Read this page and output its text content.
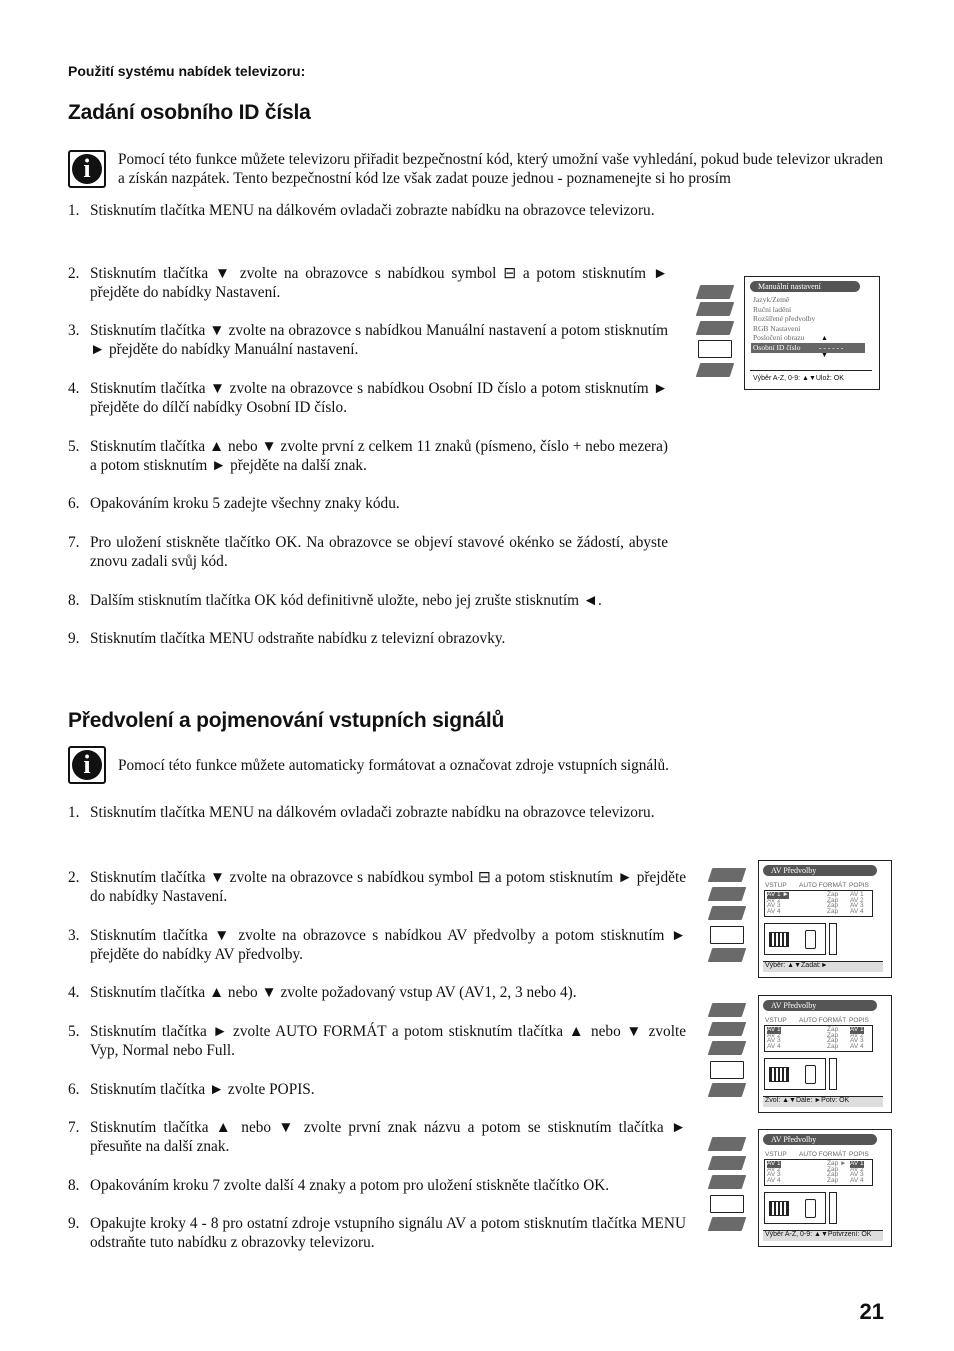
Použití systému nabídek televizoru:
Zadání osobního ID čísla
i	Pomocí této funkce můžete televizoru přiřadit bezpečnostní kód, který umožní vaše vyhledání, pokud bude televizor ukraden a získán nazpátek. Tento bezpečnostní kód lze však zadat pouze jednou - poznamenejte si ho prosím
1. Stisknutím tlačítka MENU na dálkovém ovladači zobrazte nabídku na obrazovce televizoru.
2. Stisknutím tlačítka ▼ zvolte na obrazovce s nabídkou symbol ⊟ a potom stisknutím ► přejděte do nabídky Nastavení.
3. Stisknutím tlačítka ▼ zvolte na obrazovce s nabídkou Manuální nastavení a potom stisknutím ► přejděte do nabídky Manuální nastavení.
4. Stisknutím tlačítka ▼ zvolte na obrazovce s nabídkou Osobní ID číslo a potom stisknutím ► přejděte do dílčí nabídky Osobní ID číslo.
5. Stisknutím tlačítka ▲ nebo ▼ zvolte první z celkem 11 znaků (písmeno, číslo + nebo mezera) a potom stisknutím ► přejděte na další znak.
6. Opakováním kroku 5 zadejte všechny znaky kódu.
7. Pro uložení stiskněte tlačítko OK. Na obrazovce se objeví stavové okénko se žádostí, abyste znovu zadali svůj kód.
8. Dalším stisknutím tlačítka OK kód definitivně uložte, nebo jej zrušte stisknutím ◄.
9. Stisknutím tlačítka MENU odstraňte nabídku z televizní obrazovky.
Manuální nastavení
Jazyk/Země
Ruční ladění
Rozšířené předvolby
RGB Nastavení
Posločení obrazu
Osobní ID číslo	- - - - - -
▲
▼
Výběr A-Z, 0-9: ▲▼Ulož: OK
Předvolení a pojmenování vstupních signálů
i	Pomocí této funkce můžete automaticky formátovat a označovat zdroje vstupních signálů.
1. Stisknutím tlačítka MENU na dálkovém ovladači zobrazte nabídku na obrazovce televizoru.
2. Stisknutím tlačítka ▼ zvolte na obrazovce s nabídkou symbol ⊟ a potom stisknutím ► přejděte do nabídky Nastavení.
3. Stisknutím tlačítka ▼ zvolte na obrazovce s nabídkou AV předvolby a potom stisknutím ► přejděte do nabídky AV předvolby.
4. Stisknutím tlačítka ▲ nebo ▼ zvolte požadovaný vstup AV (AV1, 2, 3 nebo 4).
5. Stisknutím tlačítka ► zvolte AUTO FORMÁT a potom stisknutím tlačítka ▲ nebo ▼ zvolte Vyp, Normal nebo Full.
6. Stisknutím tlačítka ► zvolte POPIS.
7. Stisknutím tlačítka ▲ nebo ▼ zvolte první znak názvu a potom se stisknutím tlačítka ► přesuňte na další znak.
8. Opakováním kroku 7 zvolte další 4 znaky a potom pro uložení stiskněte tlačítko OK.
9. Opakujte kroky 4 - 8 pro ostatní zdroje vstupního signálu AV a potom stisknutím tlačítka MENU odstraňte tuto nabídku z obrazovky televizoru.
AV Předvolby
VSTUP AUTO FORMÁT POPIS
AV 1 ►	Zap AV 1
AV 2	Zap AV 2
AV 3	Zap AV 3
AV 4	Zap AV 4
Výběr: ▲▼Zadat:►
AV Předvolby
VSTUP AUTO FORMÁT POPIS
AV 1	Zap AV 1
AV 2	Zap AV 2
AV 3	Zap AV 3
AV 4	Zap AV 4
Zvol: ▲▼Dále: ►Potv: OK
AV Předvolby
VSTUP AUTO FORMÁT POPIS
AV 1	Zap ► AV 1
AV 2	Zap AV 2
AV 3	Zap AV 3
AV 4	Zap AV 4
Výběr A-Z, 0-9: ▲▼Potvrzení: OK
21
